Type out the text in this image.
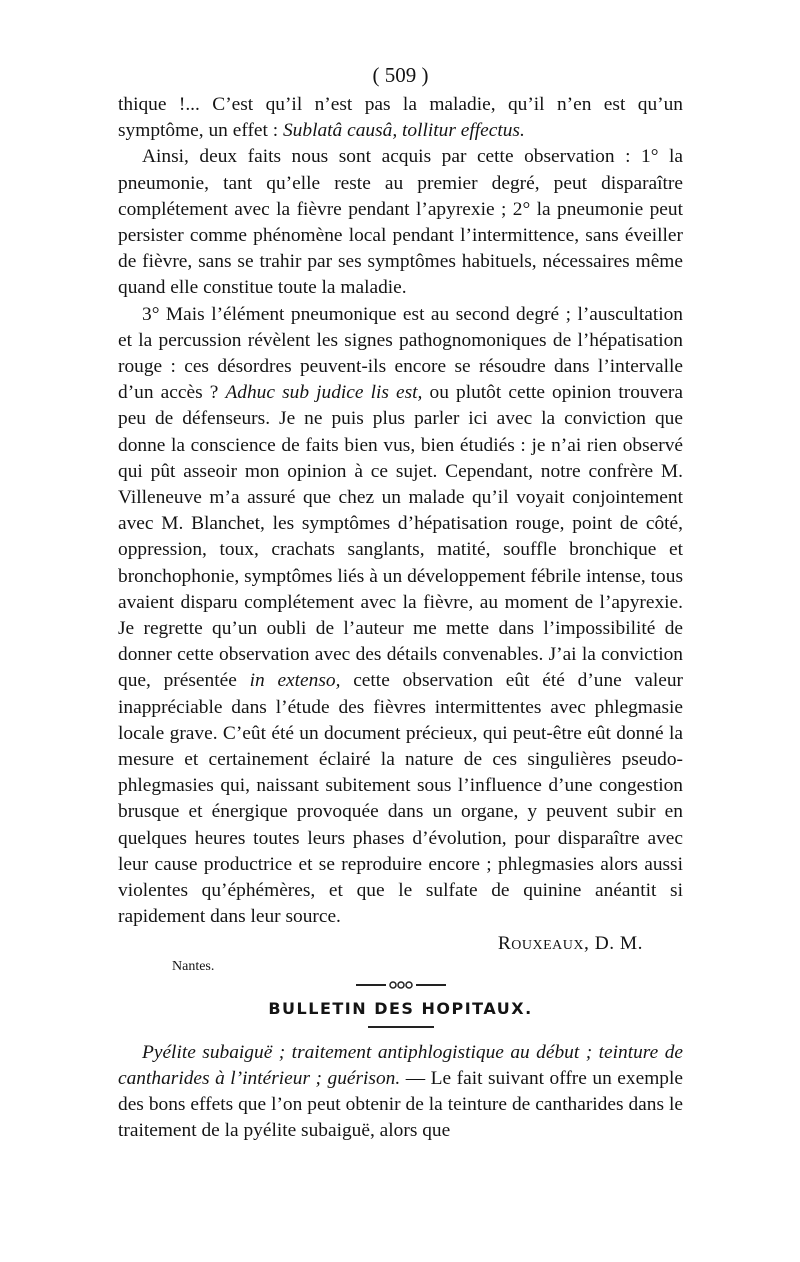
( 509 )

thique !... C’est qu’il n’est pas la maladie, qu’il n’en est qu’un symptôme, un effet : Sublatâ causâ, tollitur effectus.

Ainsi, deux faits nous sont acquis par cette observation : 1° la pneumonie, tant qu’elle reste au premier degré, peut disparaître complétement avec la fièvre pendant l’apyrexie ; 2° la pneumonie peut persister comme phénomène local pendant l’intermittence, sans éveiller de fièvre, sans se trahir par ses symptômes habituels, nécessaires même quand elle constitue toute la maladie.

3° Mais l’élément pneumonique est au second degré ; l’auscultation et la percussion révèlent les signes pathognomoniques de l’hépatisation rouge : ces désordres peuvent-ils encore se résoudre dans l’intervalle d’un accès ? Adhuc sub judice lis est, ou plutôt cette opinion trouvera peu de défenseurs. Je ne puis plus parler ici avec la conviction que donne la conscience de faits bien vus, bien étudiés : je n’ai rien observé qui pût asseoir mon opinion à ce sujet. Cependant, notre confrère M. Villeneuve m’a assuré que chez un malade qu’il voyait conjointement avec M. Blanchet, les symptômes d’hépatisation rouge, point de côté, oppression, toux, crachats sanglants, matité, souffle bronchique et bronchophonie, symptômes liés à un développement fébrile intense, tous avaient disparu complétement avec la fièvre, au moment de l’apyrexie. Je regrette qu’un oubli de l’auteur me mette dans l’impossibilité de donner cette observation avec des détails convenables. J’ai la conviction que, présentée in extenso, cette observation eût été d’une valeur inappréciable dans l’étude des fièvres intermittentes avec phlegmasie locale grave. C’eût été un document précieux, qui peut-être eût donné la mesure et certainement éclairé la nature de ces singulières pseudo-phlegmasies qui, naissant subitement sous l’influence d’une congestion brusque et énergique provoquée dans un organe, y peuvent subir en quelques heures toutes leurs phases d’évolution, pour disparaître avec leur cause productrice et se reproduire encore ; phlegmasies alors aussi violentes qu’éphémères, et que le sulfate de quinine anéantit si rapidement dans leur source.

Rouxeaux, D. M.

Nantes.

BULLETIN DES HOPITAUX.

Pyélite subaiguë ; traitement antiphlogistique au début ; teinture de cantharides à l’intérieur ; guérison. — Le fait suivant offre un exemple des bons effets que l’on peut obtenir de la teinture de cantharides dans le traitement de la pyélite subaiguë, alors que
